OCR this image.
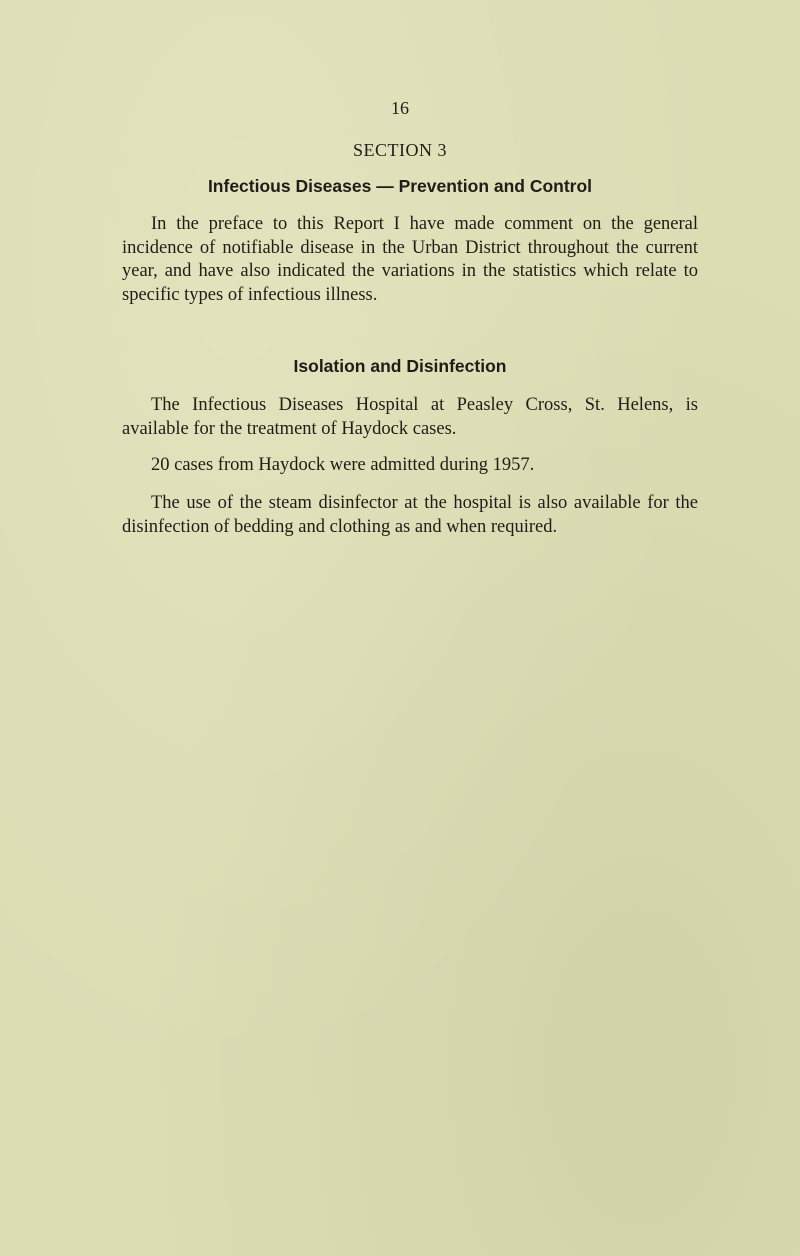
16
SECTION 3
Infectious Diseases — Prevention and Control

In the preface to this Report I have made comment on the general incidence of notifiable disease in the Urban District throughout the current year, and have also indicated the variations in the statistics which relate to specific types of infectious illness.

Isolation and Disinfection

The Infectious Diseases Hospital at Peasley Cross, St. Helens, is available for the treatment of Haydock cases.

20 cases from Haydock were admitted during 1957.

The use of the steam disinfector at the hospital is also available for the disinfection of bedding and clothing as and when required.
